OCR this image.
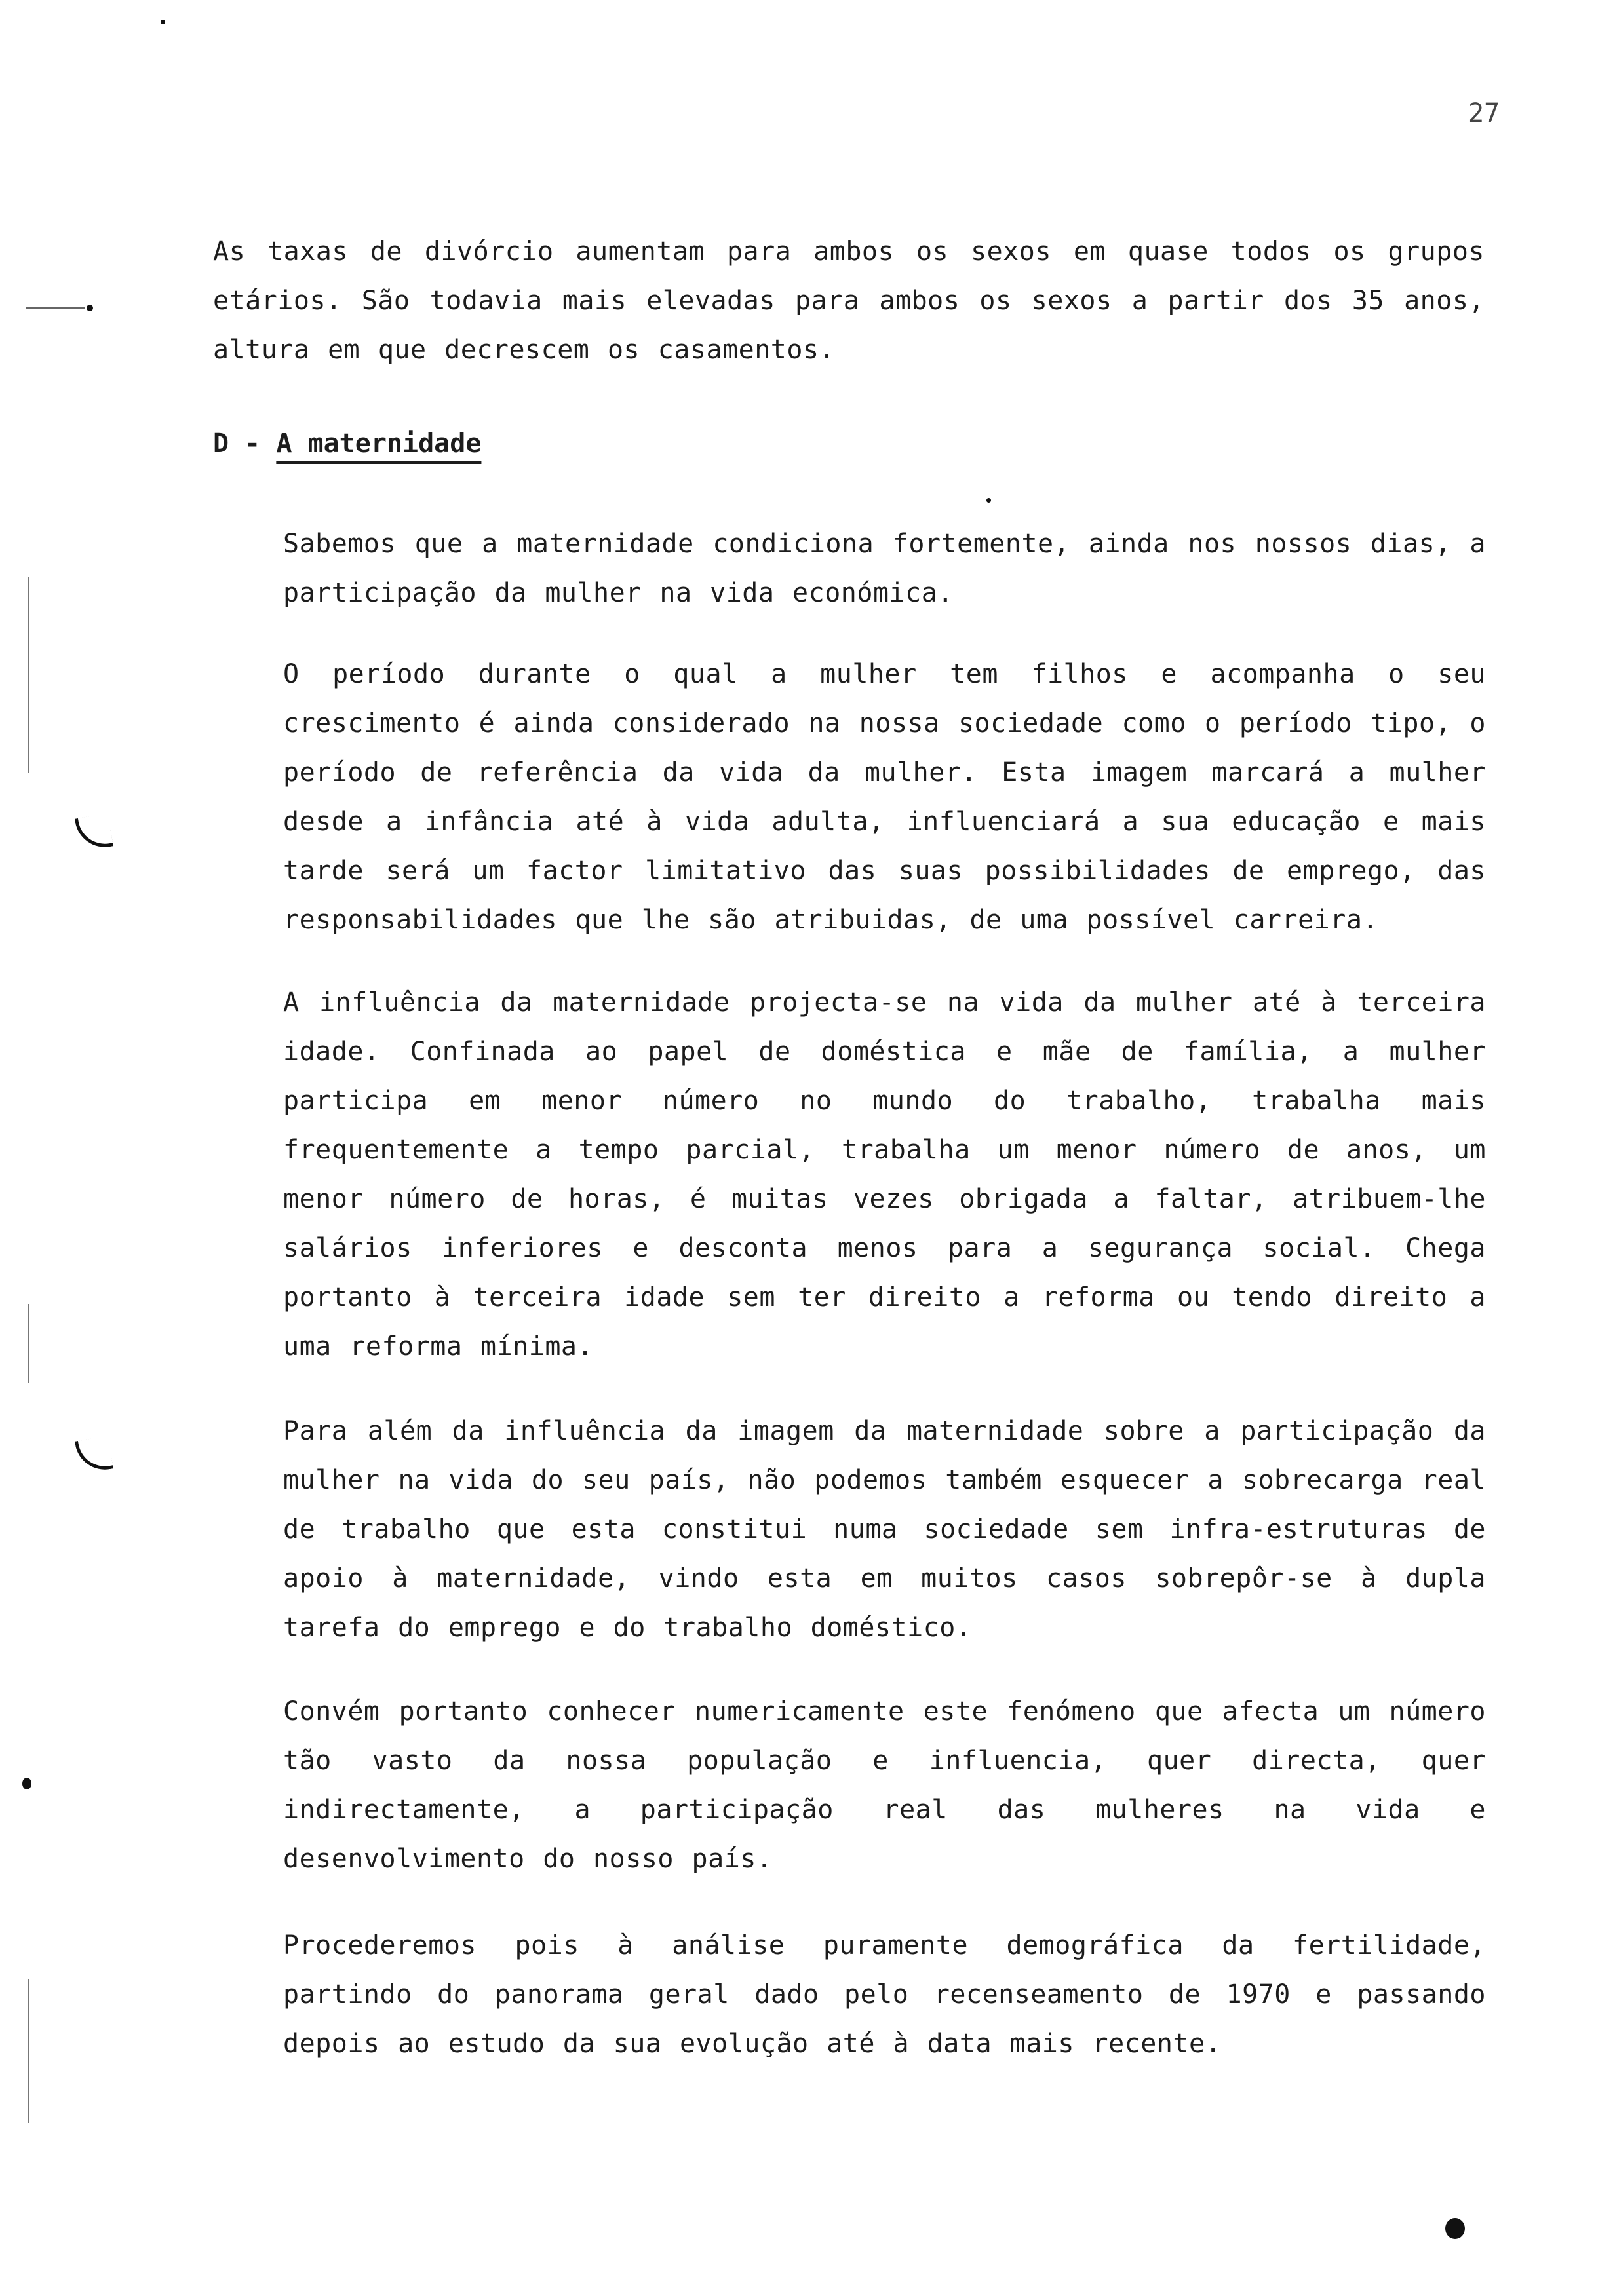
27

As taxas de divórcio aumentam para ambos os sexos em quase todos os grupos etários. São todavia mais elevadas para ambos os sexos a partir dos 35 anos, altura em que decrescem os casamentos.

D - A maternidade

Sabemos que a maternidade condiciona fortemente, ainda nos nossos dias, a participação da mulher na vida económica.

O período durante o qual a mulher tem filhos e acompanha o seu crescimento é ainda considerado na nossa sociedade como o período tipo, o período de referência da vida da mulher. Esta imagem marcará a mulher desde a infância até à vida adulta, influenciará a sua educação e mais tarde será um factor limitativo das suas possibilidades de emprego, das responsabilidades que lhe são atribuidas, de uma possível carreira.

A influência da maternidade projecta-se na vida da mulher até à terceira idade. Confinada ao papel de doméstica e mãe de família, a mulher participa em menor número no mundo do trabalho, trabalha mais frequentemente a tempo parcial, trabalha um menor número de anos, um menor número de horas, é muitas vezes obrigada a faltar, atribuem-lhe salários inferiores e desconta menos para a segurança social. Chega portanto à terceira idade sem ter direito a reforma ou tendo direito a uma reforma mínima.

Para além da influência da imagem da maternidade sobre a participação da mulher na vida do seu país, não podemos também esquecer a sobrecarga real de trabalho que esta constitui numa sociedade sem infra-estruturas de apoio à maternidade, vindo esta em muitos casos sobrepôr-se à dupla tarefa do emprego e do trabalho doméstico.

Convém portanto conhecer numericamente este fenómeno que afecta um número tão vasto da nossa população e influencia, quer directa, quer indirectamente, a participação real das mulheres na vida e desenvolvimento do nosso país.

Procederemos pois à análise puramente demográfica da fertilidade, partindo do panorama geral dado pelo recenseamento de 1970 e passando depois ao estudo da sua evolução até à data mais recente.
